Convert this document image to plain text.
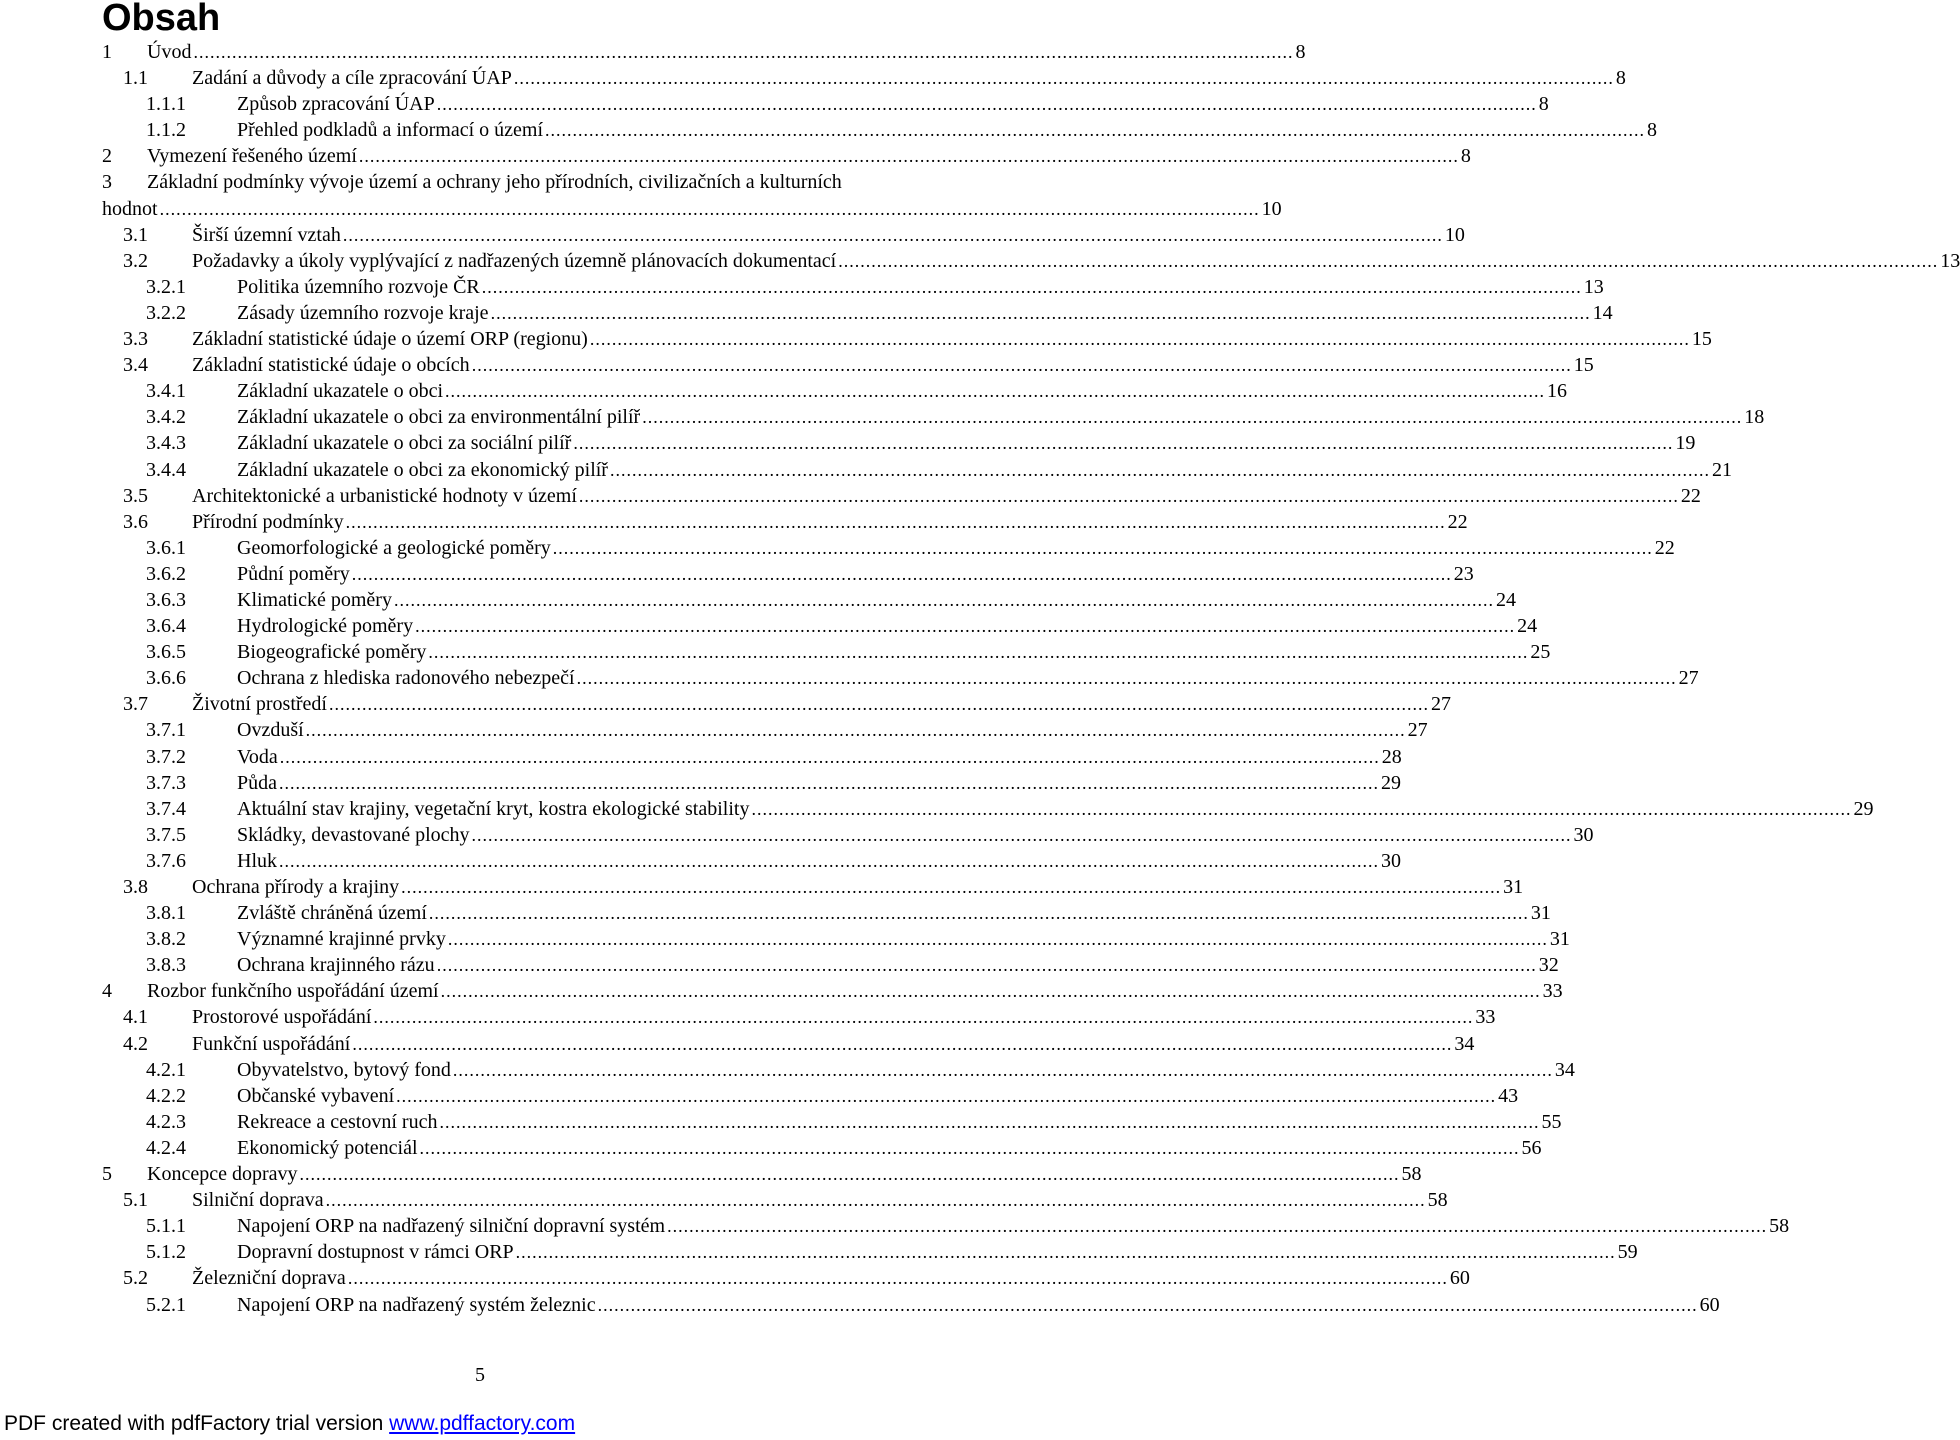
Obsah
1 Úvod ........................................................................................................................................................................................................ 8
1.1 Zadání a důvody a cíle zpracování ÚAP ........................................................................................................................................................................................................ 8
1.1.1	Způsob zpracování ÚAP ........................................................................................................................................................................................................ 8
1.1.2	Přehled podkladů a informací o území ........................................................................................................................................................................................................ 8
2 Vymezení řešeného území ........................................................................................................................................................................................................ 8
3 Základní podmínky vývoje území a ochrany jeho přírodních, civilizačních a kulturních
hodnot ........................................................................................................................................................................................................ 10
3.1 Širší územní vztah ........................................................................................................................................................................................................ 10
3.2 Požadavky a úkoly vyplývající z nadřazených územně plánovacích dokumentací ........................................................................................................................................................................................................ 13
3.2.1	Politika územního rozvoje ČR ........................................................................................................................................................................................................ 13
3.2.2	Zásady územního rozvoje kraje ........................................................................................................................................................................................................ 14
3.3 Základní statistické údaje o území ORP (regionu) ........................................................................................................................................................................................................ 15
3.4 Základní statistické údaje o obcích ........................................................................................................................................................................................................ 15
3.4.1	Základní ukazatele o obci ........................................................................................................................................................................................................ 16
3.4.2	Základní ukazatele o obci za environmentální pilíř ........................................................................................................................................................................................................ 18
3.4.3	Základní ukazatele o obci za sociální pilíř ........................................................................................................................................................................................................ 19
3.4.4	Základní ukazatele o obci za ekonomický pilíř ........................................................................................................................................................................................................ 21
3.5 Architektonické a urbanistické hodnoty v území ........................................................................................................................................................................................................ 22
3.6 Přírodní podmínky ........................................................................................................................................................................................................ 22
3.6.1	Geomorfologické a geologické poměry ........................................................................................................................................................................................................ 22
3.6.2	Půdní poměry ........................................................................................................................................................................................................ 23
3.6.3	Klimatické poměry ........................................................................................................................................................................................................ 24
3.6.4	Hydrologické poměry ........................................................................................................................................................................................................ 24
3.6.5	Biogeografické poměry ........................................................................................................................................................................................................ 25
3.6.6	Ochrana z hlediska radonového nebezpečí ........................................................................................................................................................................................................ 27
3.7 Životní prostředí ........................................................................................................................................................................................................ 27
3.7.1	Ovzduší ........................................................................................................................................................................................................ 27
3.7.2	Voda ........................................................................................................................................................................................................ 28
3.7.3	Půda ........................................................................................................................................................................................................ 29
3.7.4	Aktuální stav krajiny, vegetační kryt, kostra ekologické stability ........................................................................................................................................................................................................ 29
3.7.5	Skládky, devastované plochy ........................................................................................................................................................................................................ 30
3.7.6	Hluk ........................................................................................................................................................................................................ 30
3.8 Ochrana přírody a krajiny ........................................................................................................................................................................................................ 31
3.8.1	Zvláště chráněná území ........................................................................................................................................................................................................ 31
3.8.2	Významné krajinné prvky ........................................................................................................................................................................................................ 31
3.8.3	Ochrana krajinného rázu ........................................................................................................................................................................................................ 32
4 Rozbor funkčního uspořádání území ........................................................................................................................................................................................................ 33
4.1 Prostorové uspořádání ........................................................................................................................................................................................................ 33
4.2 Funkční uspořádání ........................................................................................................................................................................................................ 34
4.2.1	Obyvatelstvo, bytový fond ........................................................................................................................................................................................................ 34
4.2.2	Občanské vybavení ........................................................................................................................................................................................................ 43
4.2.3	Rekreace a cestovní ruch ........................................................................................................................................................................................................ 55
4.2.4	Ekonomický potenciál ........................................................................................................................................................................................................ 56
5 Koncepce dopravy ........................................................................................................................................................................................................ 58
5.1 Silniční doprava ........................................................................................................................................................................................................ 58
5.1.1	Napojení ORP na nadřazený silniční dopravní systém ........................................................................................................................................................................................................ 58
5.1.2	Dopravní dostupnost v rámci ORP ........................................................................................................................................................................................................ 59
5.2 Železniční doprava ........................................................................................................................................................................................................ 60
5.2.1	Napojení ORP na nadřazený systém železnic ........................................................................................................................................................................................................ 60
5
PDF created with pdfFactory trial version www.pdffactory.com
